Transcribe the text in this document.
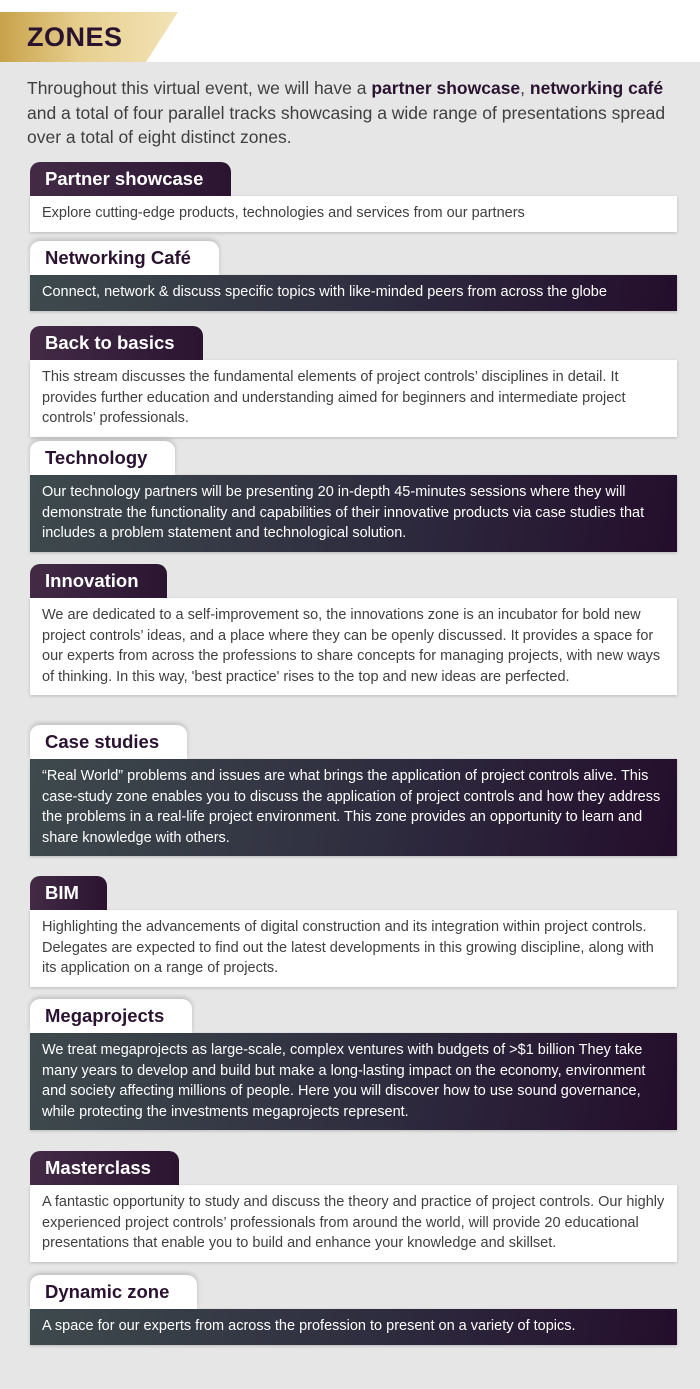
ZONES

Throughout this virtual event, we will have a partner showcase, networking café and a total of four parallel tracks showcasing a wide range of presentations spread over a total of eight distinct zones.

Partner showcase
Explore cutting-edge products, technologies and services from our partners
Networking Café
Connect, network & discuss specific topics with like-minded peers from across the globe
Back to basics
This stream discusses the fundamental elements of project controls’ disciplines in detail. It provides further education and understanding aimed for beginners and intermediate project controls’ professionals.
Technology
Our technology partners will be presenting 20 in-depth 45-minutes sessions where they will demonstrate the functionality and capabilities of their innovative products via case studies that includes a problem statement and technological solution.
Innovation
We are dedicated to a self-improvement so, the innovations zone is an incubator for bold new project controls’ ideas, and a place where they can be openly discussed. It provides a space for our experts from across the professions to share concepts for managing projects, with new ways of thinking. In this way, 'best practice' rises to the top and new ideas are perfected.
Case studies
“Real World” problems and issues are what brings the application of project controls alive. This case-study zone enables you to discuss the application of project controls and how they address the problems in a real-life project environment. This zone provides an opportunity to learn and share knowledge with others.
BIM
Highlighting the advancements of digital construction and its integration within project controls. Delegates are expected to find out the latest developments in this growing discipline, along with its application on a range of projects.
Megaprojects
We treat megaprojects as large-scale, complex ventures with budgets of >$1 billion They take many years to develop and build but make a long-lasting impact on the economy, environment and society affecting millions of people. Here you will discover how to use sound governance, while protecting the investments megaprojects represent.
Masterclass
A fantastic opportunity to study and discuss the theory and practice of project controls. Our highly experienced project controls’ professionals from around the world, will provide 20 educational presentations that enable you to build and enhance your knowledge and skillset.
Dynamic zone
A space for our experts from across the profession to present on a variety of topics.
